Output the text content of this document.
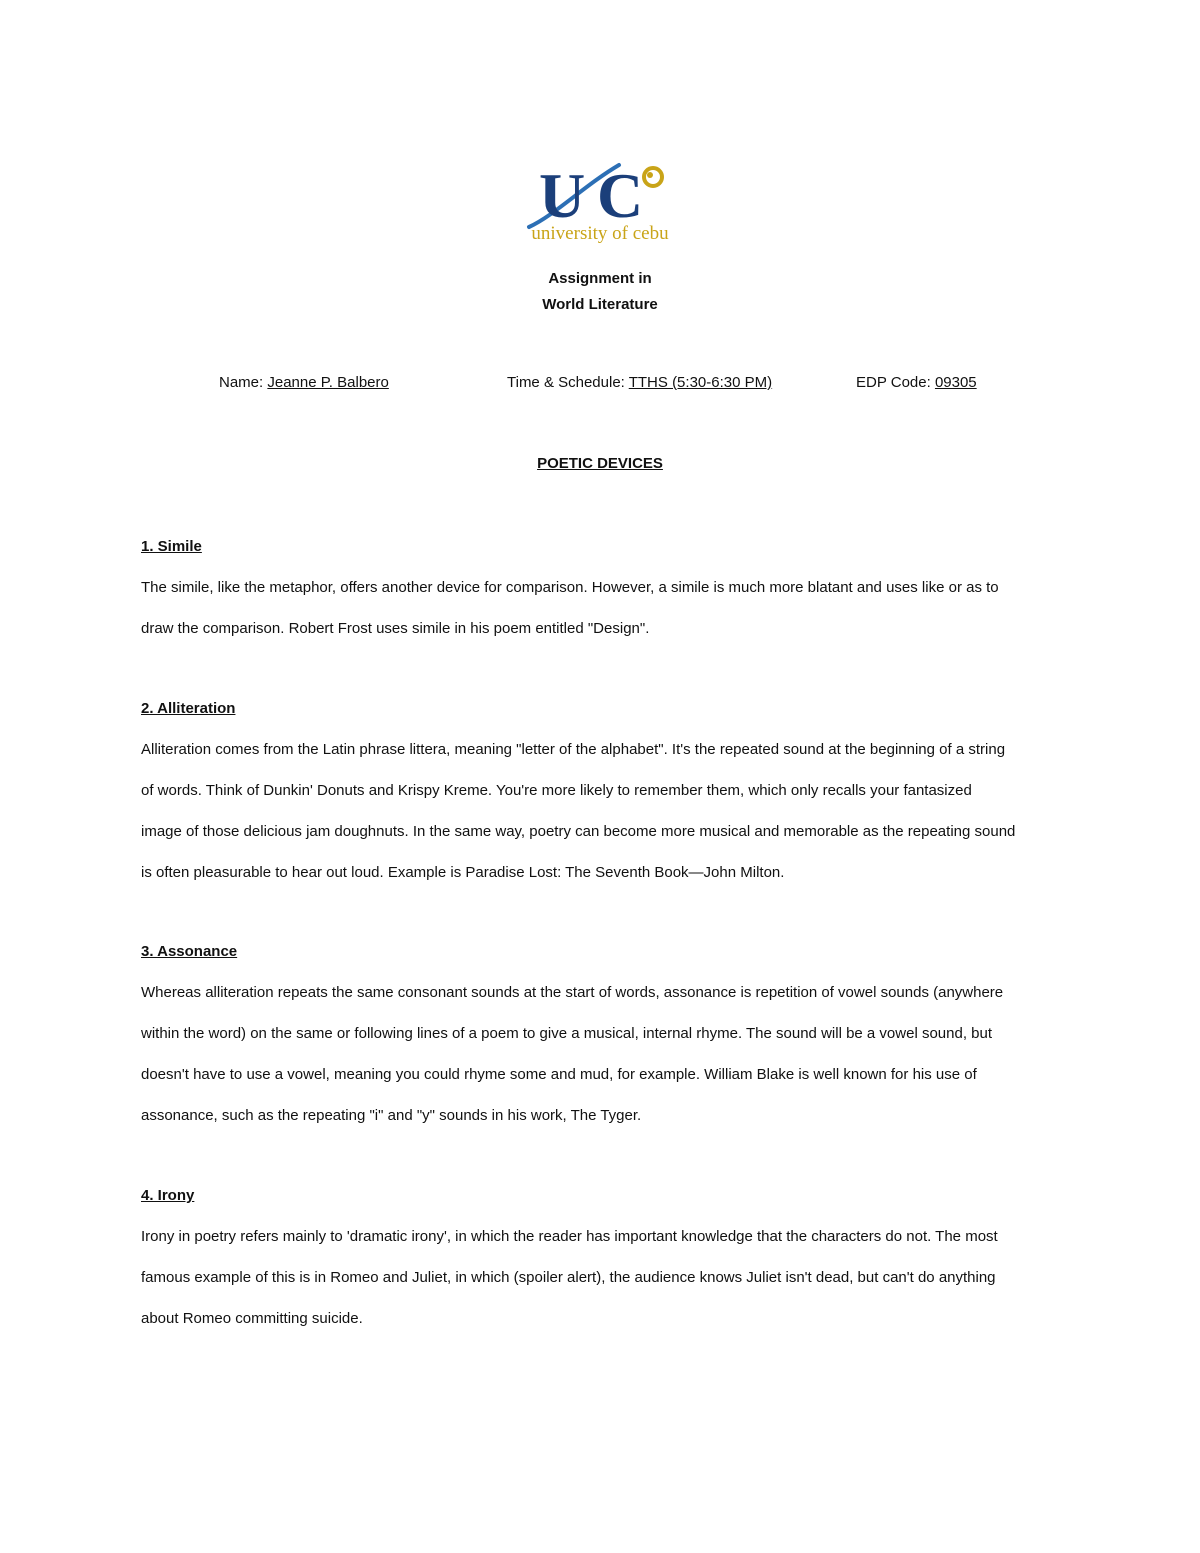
U C
university of cebu
Assignment in
World Literature
Name: Jeanne P. Balbero	Time & Schedule: TTHS (5:30-6:30 PM)	EDP Code: 09305
POETIC DEVICES
1. Simile
The simile, like the metaphor, offers another device for comparison. However, a simile is much more blatant and uses like or as to
draw the comparison. Robert Frost uses simile in his poem entitled "Design".
2. Alliteration
Alliteration comes from the Latin phrase littera, meaning "letter of the alphabet". It's the repeated sound at the beginning of a string
of words. Think of Dunkin' Donuts and Krispy Kreme. You're more likely to remember them, which only recalls your fantasized
image of those delicious jam doughnuts. In the same way, poetry can become more musical and memorable as the repeating sound
is often pleasurable to hear out loud. Example is Paradise Lost: The Seventh Book—John Milton.
3. Assonance
Whereas alliteration repeats the same consonant sounds at the start of words, assonance is repetition of vowel sounds (anywhere
within the word) on the same or following lines of a poem to give a musical, internal rhyme. The sound will be a vowel sound, but
doesn't have to use a vowel, meaning you could rhyme some and mud, for example. William Blake is well known for his use of
assonance, such as the repeating "i" and "y" sounds in his work, The Tyger.
4. Irony
Irony in poetry refers mainly to 'dramatic irony', in which the reader has important knowledge that the characters do not. The most
famous example of this is in Romeo and Juliet, in which (spoiler alert), the audience knows Juliet isn't dead, but can't do anything
about Romeo committing suicide.
